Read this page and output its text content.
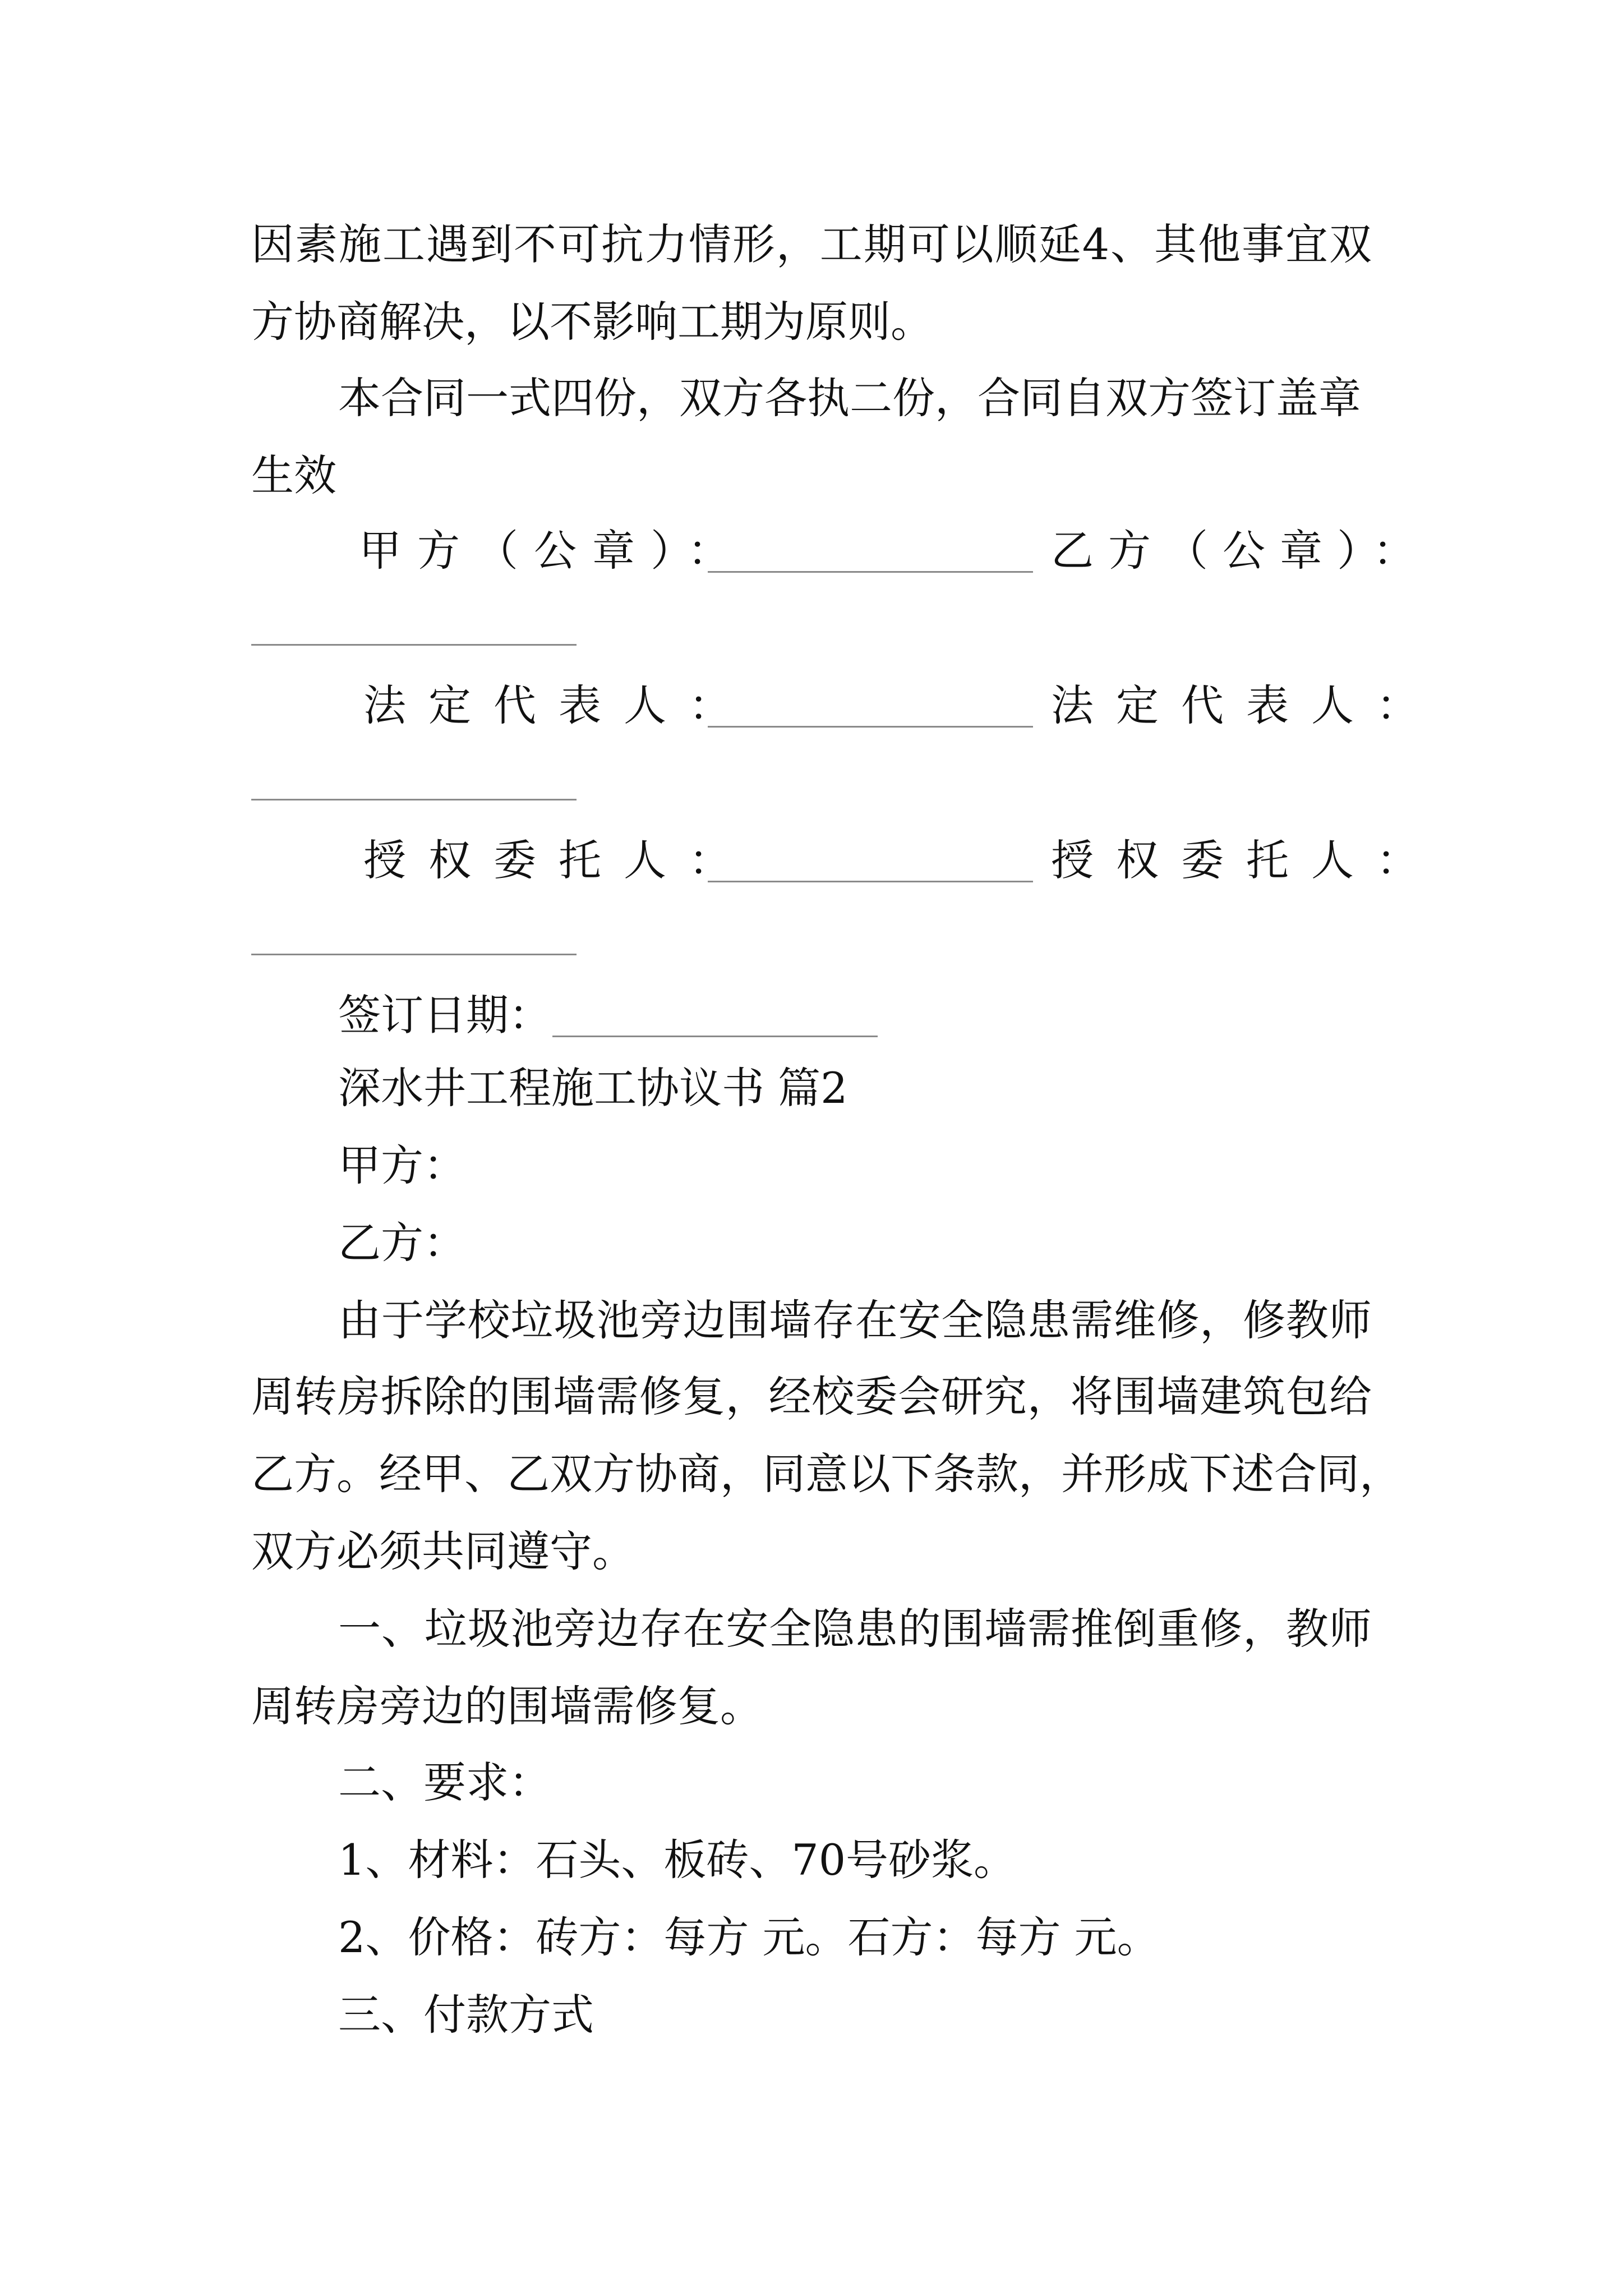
因 素 施 工 遇 到 不 可 抗 力 情 形 ， 工 期 可 以 顺 延 4 、 其 他 事 宜 双
方协商解决，以不影响工期为原则。
本合同一式四份，双方各执二份，合同自双方签订盖章
生效
甲方（公章）：	乙方（公章）：
法定代表人：	法定代表人：
授权委托人：	授权委托人：
签订日期：
深水井工程施工协议书 篇2
甲方：
乙方：
由 于 学 校 垃 圾 池 旁 边 围 墙 存 在 安 全 隐 患 需 维 修 ， 修 教 师
周 转 房 拆 除 的 围 墙 需 修 复 ， 经 校 委 会 研 究 ， 将 围 墙 建 筑 包 给
乙 方 。 经 甲 、 乙 双 方 协 商 ， 同 意 以 下 条 款 ， 并 形 成 下 述 合 同 ，
双方必须共同遵守。
一 、 垃 圾 池 旁 边 存 在 安 全 隐 患 的 围 墙 需 推 倒 重 修 ， 教 师
周转房旁边的围墙需修复。
二、要求：
1、材料：石头、板砖、70号砂浆。
2、价格：砖方：每方 元。石方：每方 元。
三、付款方式
